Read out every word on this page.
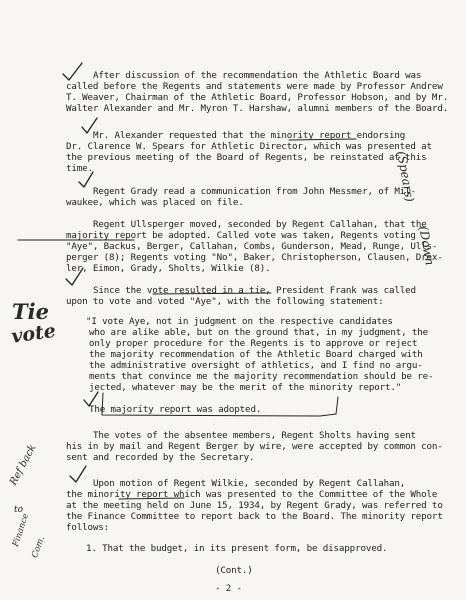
After discussion of the recommendation the Athletic Board was
called before the Regents and statements were made by Professor Andrew
T. Weaver, Chairman of the Athletic Board, Professor Hobson, and by Mr.
Walter Alexander and Mr. Myron T. Harshaw, alumni members of the Board.
Mr. Alexander requested that the minority report endorsing
Dr. Clarence W. Spears for Athletic Director, which was presented at
the previous meeting of the Board of Regents, be reinstated at this
time.
Regent Grady read a communication from John Messmer, of Mil-
waukee, which was placed on file.
Regent Ullsperger moved, seconded by Regent Callahan, that the
majority report be adopted. Called vote was taken, Regents voting
"Aye", Backus, Berger, Callahan, Combs, Gunderson, Mead, Runge, Ulls-
perger (8); Regents voting "No", Baker, Christopherson, Clausen, Drex-
ler, Eimon, Grady, Sholts, Wilkie (8).
Since the vote resulted in a tie, President Frank was called
upon to vote and voted "Aye", with the following statement:
"I vote Aye, not in judgment on the respective candidates
who are alike able, but on the ground that, in my judgment, the
only proper procedure for the Regents is to approve or reject
the majority recommendation of the Athletic Board charged with
the administrative oversight of athletics, and I find no argu-
ments that convince me the majority recommendation should be re-
jected, whatever may be the merit of the minority report."
The majority report was adopted.
The votes of the absentee members, Regent Sholts having sent
his in by mail and Regent Berger by wire, were accepted by common con-
sent and recorded by the Secretary.
Upon motion of Regent Wilkie, seconded by Regent Callahan,
the minority report which was presented to the Committee of the Whole
at the meeting held on June 15, 1934, by Regent Grady, was referred to
the Finance Committee to report back to the Board. The minority report
follows:
1. That the budget, in its present form, be disapproved.
(Cont.)
- 2 -
(Spears)
(Down
Tie
vote
Ref back
to
Finance
Com.
